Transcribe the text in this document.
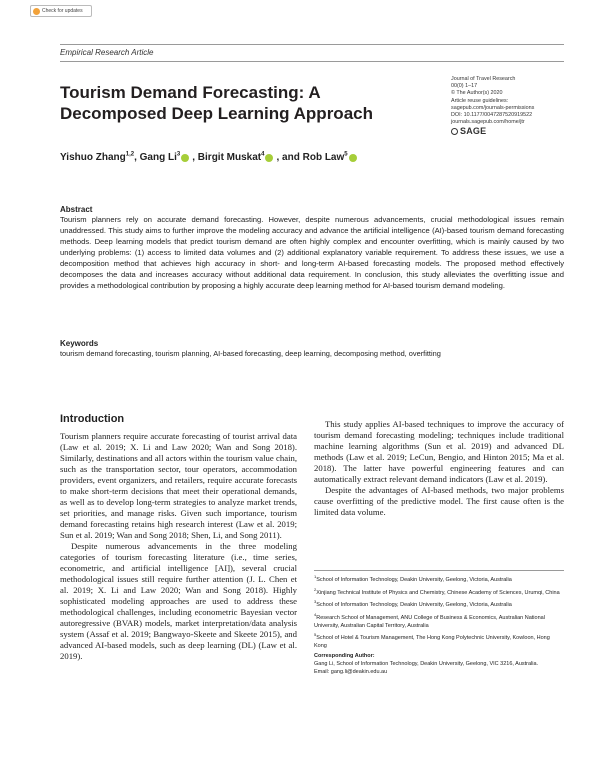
Check for updates
Empirical Research Article
Tourism Demand Forecasting: A Decomposed Deep Learning Approach
Yishuo Zhang$^{1,2}$, Gang Li$^3$ , Birgit Muskat$^4$ , and Rob Law$^5$
Journal of Travel Research
00(0) 1–17
© The Author(s) 2020
Article reuse guidelines:
sagepub.com/journals-permissions
DOI: 10.1177/0047287520919522
journals.sagepub.com/home/jtr
SAGE
Abstract
Tourism planners rely on accurate demand forecasting. However, despite numerous advancements, crucial methodological issues remain unaddressed. This study aims to further improve the modeling accuracy and advance the artificial intelligence (AI)-based tourism demand forecasting methods. Deep learning models that predict tourism demand are often highly complex and encounter overfitting, which is mainly caused by two underlying problems: (1) access to limited data volumes and (2) additional explanatory variable requirement. To address these issues, we use a decomposition method that achieves high accuracy in short- and long-term AI-based forecasting models. The proposed method effectively decomposes the data and increases accuracy without additional data requirement. In conclusion, this study alleviates the overfitting issue and provides a methodological contribution by proposing a highly accurate deep learning method for AI-based tourism demand modeling.
Keywords
tourism demand forecasting, tourism planning, AI-based forecasting, deep learning, decomposing method, overfitting
Introduction

Tourism planners require accurate forecasting of tourist arrival data (Law et al. 2019; X. Li and Law 2020; Wan and Song 2018). Similarly, destinations and all actors within the tourism value chain, such as the transportation sector, tour operators, accommodation providers, event organizers, and retailers, require accurate forecasts to make short-term decisions that meet their operational demands, as well as to develop long-term strategies to analyze market trends, set priorities, and manage risks. Given such importance, tourism demand forecasting retains high research interest (Law et al. 2019; Sun et al. 2019; Wan and Song 2018; Shen, Li, and Song 2011).

Despite numerous advancements in the three modeling categories of tourism forecasting literature (i.e., time series, econometric, and artificial intelligence [AI]), several crucial methodological issues still require further attention (J. L. Chen et al. 2019; X. Li and Law 2020; Wan and Song 2018). Highly sophisticated modeling approaches are used to address these methodological challenges, including econometric Bayesian vector autoregressive (BVAR) models, market interpretation/data analysis system (Assaf et al. 2019; Bangwayo-Skeete and Skeete 2015), and advanced AI-based models, such as deep learning (DL) (Law et al. 2019).

This study applies AI-based techniques to improve the accuracy of tourism demand forecasting modeling; techniques include traditional machine learning algorithms (Sun et al. 2019) and advanced DL methods (Law et al. 2019; LeCun, Bengio, and Hinton 2015; Ma et al. 2018). The latter have powerful engineering features and can automatically extract relevant demand indicators (Law et al. 2019).

Despite the advantages of AI-based methods, two major problems cause overfitting of the predictive model. The first cause often is the limited data volume.

$^1$School of Information Technology, Deakin University, Geelong, Victoria, Australia
$^2$Xinjiang Technical Institute of Physics and Chemistry, Chinese Academy of Sciences, Urumqi, China
$^3$School of Information Technology, Deakin University, Geelong, Victoria, Australia
$^4$Research School of Management, ANU College of Business & Economics, Australian National University, Australian Capital Territory, Australia
$^5$School of Hotel & Tourism Management, The Hong Kong Polytechnic University, Kowloon, Hong Kong
Corresponding Author:
Gang Li, School of Information Technology, Deakin University, Geelong, VIC 3216, Australia.
Email: gang.li@deakin.edu.au
